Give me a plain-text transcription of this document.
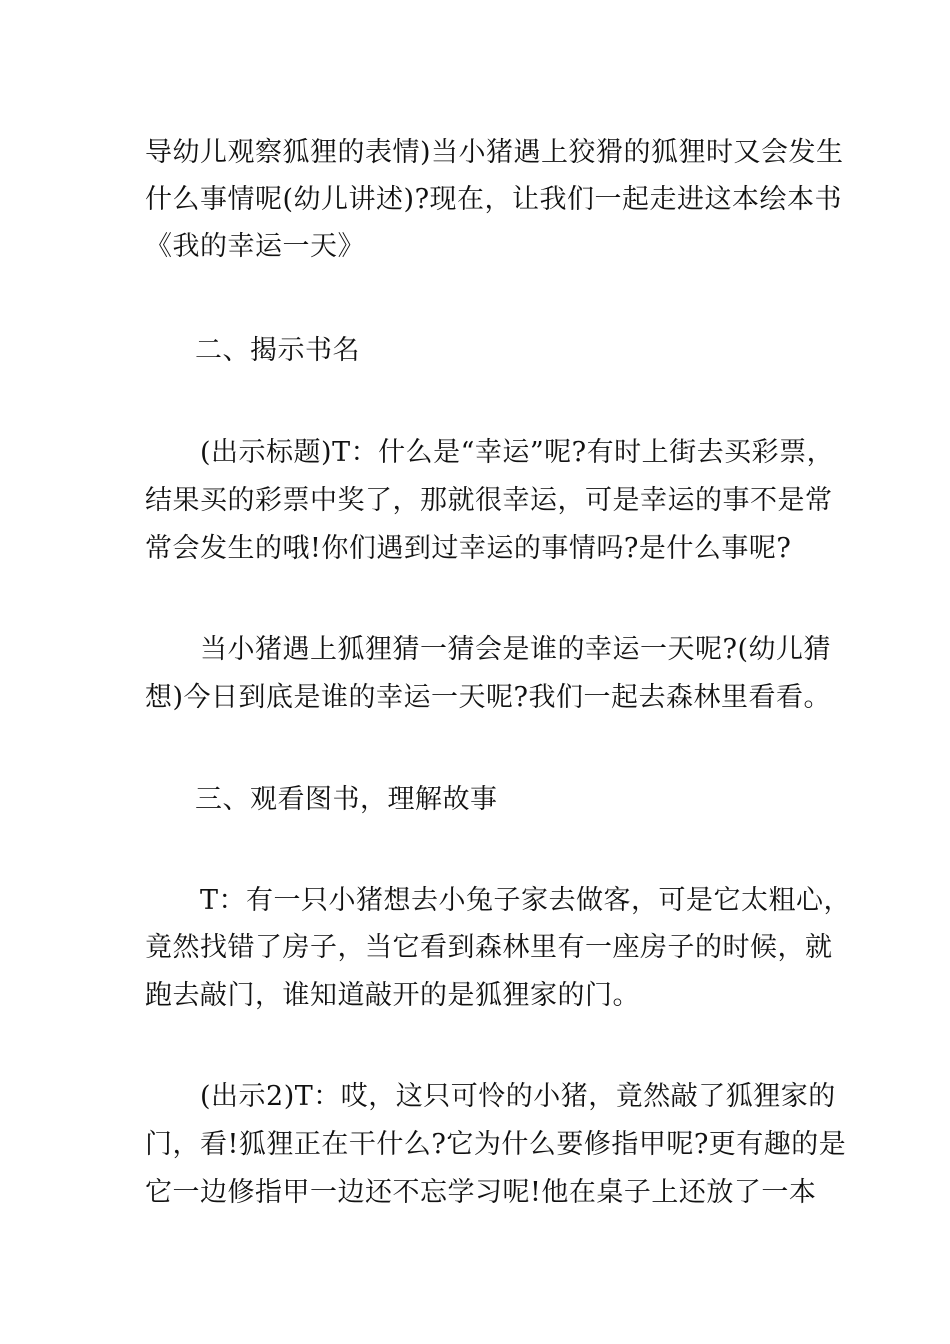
导幼儿观察狐狸的表情)当小猪遇上狡猾的狐狸时又会发生
什么事情呢(幼儿讲述)?现在，让我们一起走进这本绘本书
《我的幸运一天》
二、揭示书名
(出示标题)T：什么是“幸运”呢?有时上街去买彩票，
结果买的彩票中奖了，那就很幸运，可是幸运的事不是常
常会发生的哦!你们遇到过幸运的事情吗?是什么事呢?
当小猪遇上狐狸猜一猜会是谁的幸运一天呢?(幼儿猜
想)今日到底是谁的幸运一天呢?我们一起去森林里看看。
三、观看图书，理解故事
T：有一只小猪想去小兔子家去做客，可是它太粗心，
竟然找错了房子，当它看到森林里有一座房子的时候，就
跑去敲门，谁知道敲开的是狐狸家的门。
(出示2)T：哎，这只可怜的小猪，竟然敲了狐狸家的
门，看!狐狸正在干什么?它为什么要修指甲呢?更有趣的是
它一边修指甲一边还不忘学习呢!他在桌子上还放了一本
